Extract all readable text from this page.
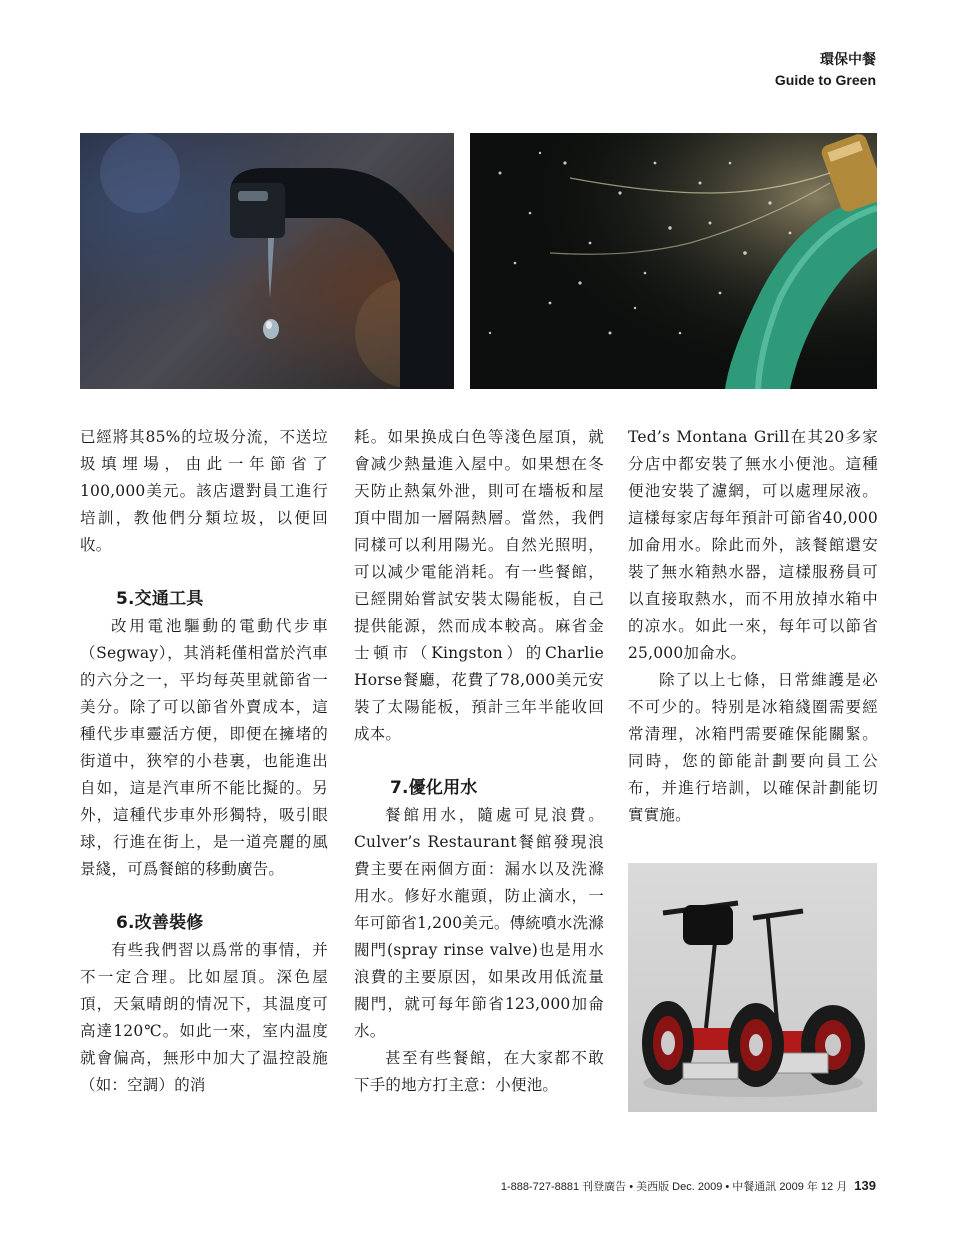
環保中餐
Guide to Green

已經將其85%的垃圾分流，不送垃圾填埋場，由此一年節省了100,000美元。該店還對員工進行培訓，教他們分類垃圾，以便回收。

5.交通工具

改用電池驅動的電動代步車（Segway），其消耗僅相當於汽車的六分之一，平均每英里就節省一美分。除了可以節省外賣成本，這種代步車靈活方便，即便在擁堵的街道中，狹窄的小巷裏，也能進出自如，這是汽車所不能比擬的。另外，這種代步車外形獨特，吸引眼球，行進在街上，是一道亮麗的風景綫，可爲餐館的移動廣告。

6.改善裝修

有些我們習以爲常的事情，并不一定合理。比如屋頂。深色屋頂，天氣晴朗的情况下，其温度可高達120℃。如此一來，室内温度就會偏高，無形中加大了温控設施（如：空調）的消

耗。如果换成白色等淺色屋頂，就會减少熱量進入屋中。如果想在冬天防止熱氣外泄，則可在墻板和屋頂中間加一層隔熱層。當然，我們同樣可以利用陽光。自然光照明，可以减少電能消耗。有一些餐館，已經開始嘗試安裝太陽能板，自己提供能源，然而成本較高。麻省金士頓市（Kingston）的Charlie Horse餐廳，花費了78,000美元安裝了太陽能板，預計三年半能收回成本。

7.優化用水

餐館用水，隨處可見浪費。Culver’s Restaurant餐館發現浪費主要在兩個方面：漏水以及洗滌用水。修好水龍頭，防止滴水，一年可節省1,200美元。傳統噴水洗滌閥門(spray rinse valve)也是用水浪費的主要原因，如果改用低流量閥門，就可每年節省123,000加侖水。

甚至有些餐館，在大家都不敢下手的地方打主意：小便池。

Ted’s Montana Grill在其20多家分店中都安裝了無水小便池。這種便池安裝了濾網，可以處理尿液。這樣每家店每年預計可節省40,000加侖用水。除此而外，該餐館還安裝了無水箱熱水器，這樣服務員可以直接取熱水，而不用放掉水箱中的凉水。如此一來，每年可以節省25,000加侖水。

除了以上七條，日常維護是必不可少的。特别是冰箱綫圈需要經常清理，冰箱門需要確保能關緊。同時，您的節能計劃要向員工公布，并進行培訓，以確保計劃能切實實施。

1-888-727-8881 刊登廣告 • 美西版 Dec. 2009 • 中餐通訊 2009 年 12 月 139
